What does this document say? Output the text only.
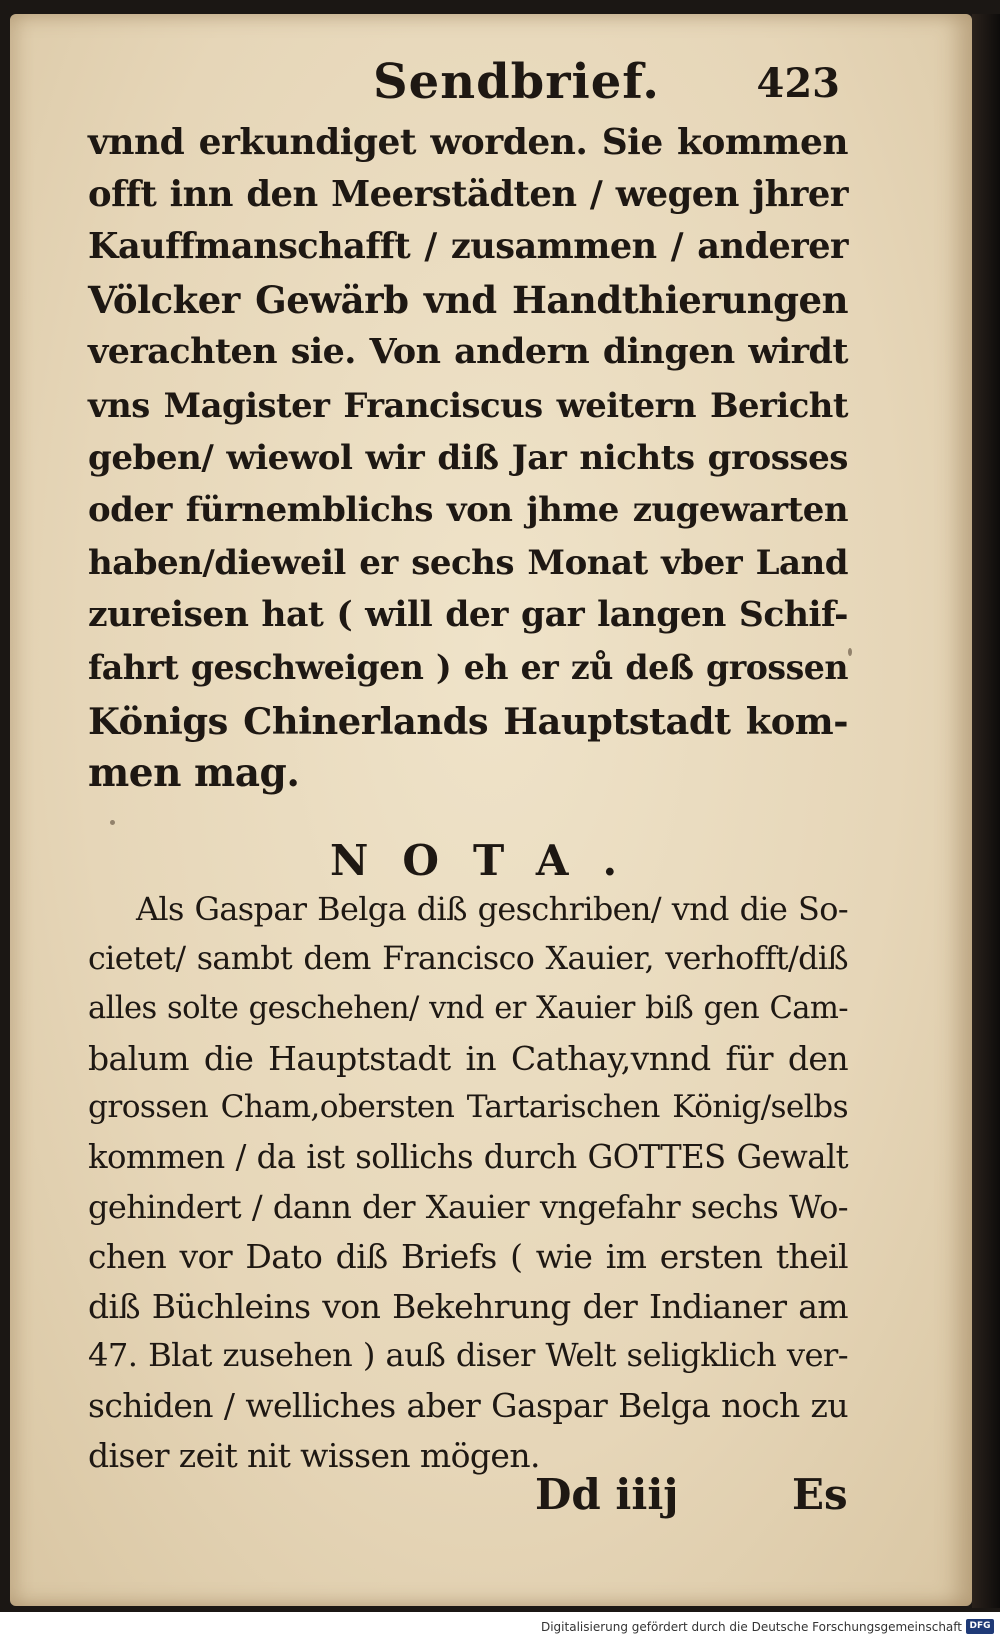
Sendbrief. 423
vnnd erkundiget worden. Sie kommen
offt inn den Meerstädten / wegen jhrer
Kauffmanschafft / zusammen / anderer
Völcker Gewärb vnd Handthierungen
verachten sie. Von andern dingen wirdt
vns Magister Franciscus weitern Bericht
geben/ wiewol wir diß Jar nichts grosses
oder fürnemblichs von jhme zugewarten
haben/dieweil er sechs Monat vber Land
zureisen hat ( will der gar langen Schif-
fahrt geschweigen ) eh er zů deß grossen
Königs Chinerlands Hauptstadt kom-
men mag.
NOTA.
Als Gaspar Belga diß geschriben/ vnd die So-
cietet/ sambt dem Francisco Xauier, verhofft/diß
alles solte geschehen/ vnd er Xauier biß gen Cam-
balum die Hauptstadt in Cathay,vnnd für den
grossen Cham,obersten Tartarischen König/selbs
kommen / da ist sollichs durch GOTTES Gewalt
gehindert / dann der Xauier vngefahr sechs Wo-
chen vor Dato diß Briefs ( wie im ersten theil
diß Büchleins von Bekehrung der Indianer am
47. Blat zusehen ) auß diser Welt seligklich ver-
schiden / welliches aber Gaspar Belga noch zu
diser zeit nit wissen mögen.
Dd iiij	Es
Digitalisierung gefördert durch die Deutsche Forschungsgemeinschaft DFG
